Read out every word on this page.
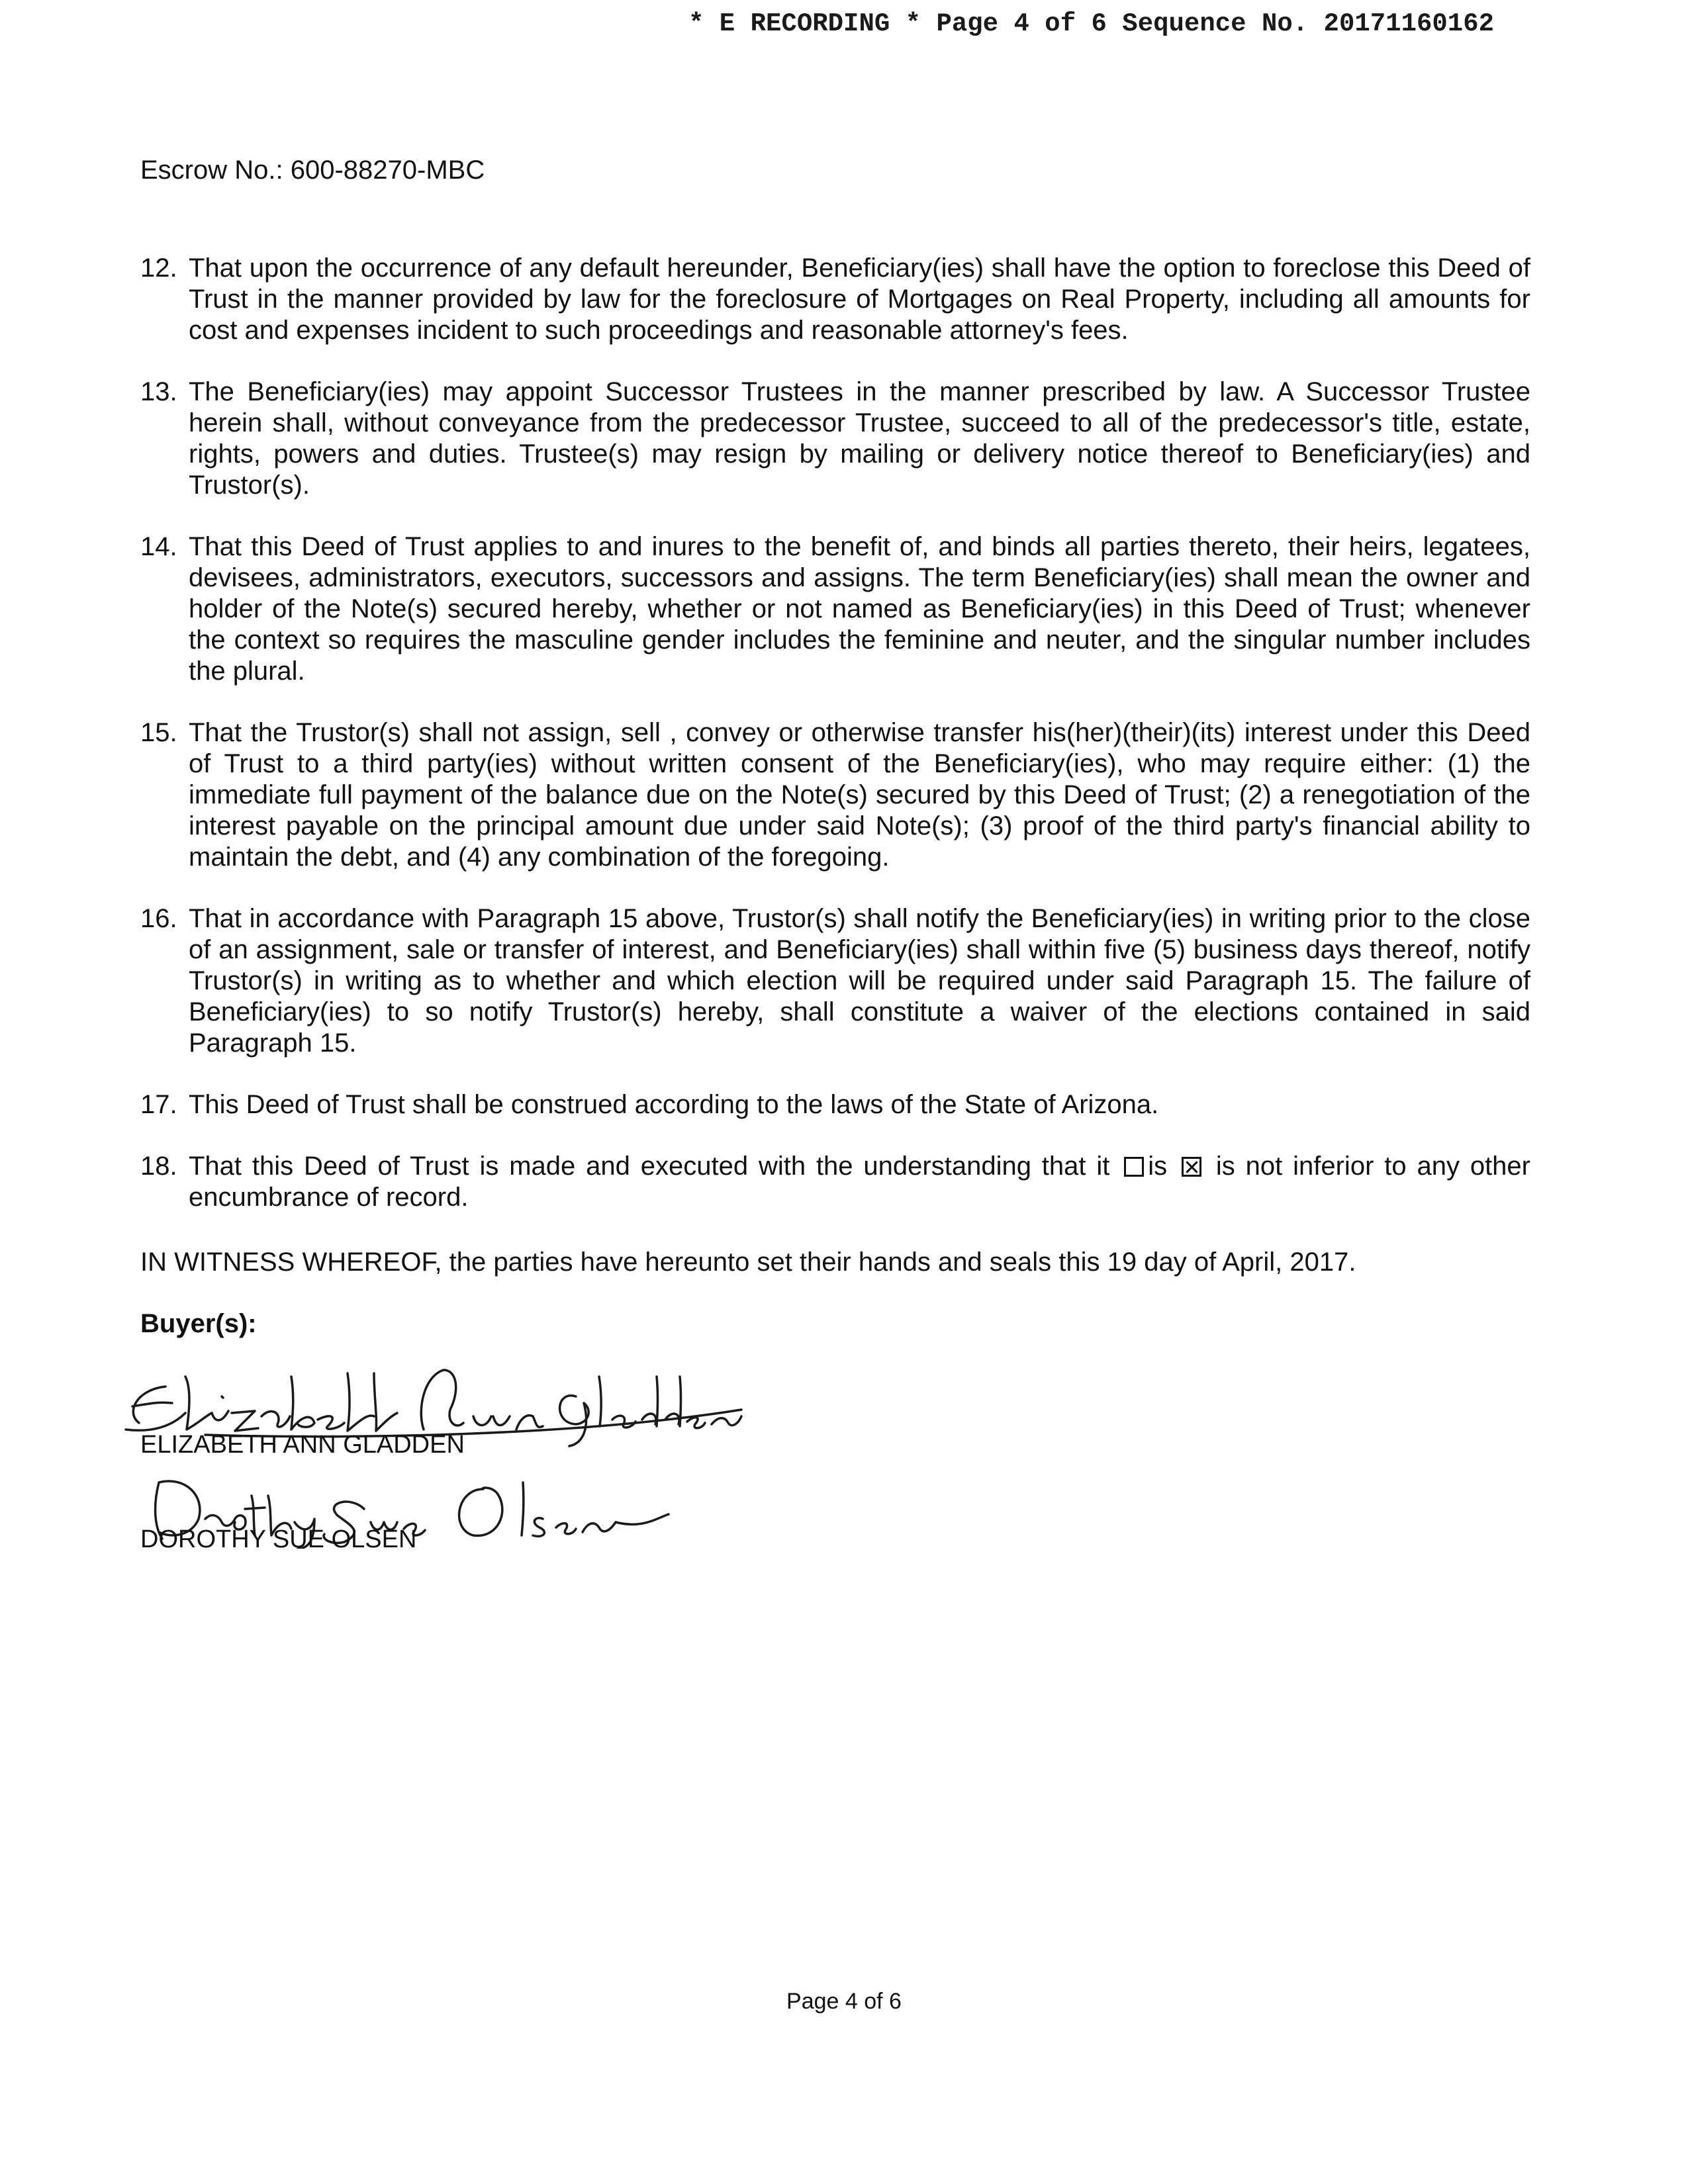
* E RECORDING * Page 4 of 6 Sequence No. 20171160162
Escrow No.: 600-88270-MBC
12. That upon the occurrence of any default hereunder, Beneficiary(ies) shall have the option to foreclose this Deed of Trust in the manner provided by law for the foreclosure of Mortgages on Real Property, including all amounts for cost and expenses incident to such proceedings and reasonable attorney's fees.
13. The Beneficiary(ies) may appoint Successor Trustees in the manner prescribed by law. A Successor Trustee herein shall, without conveyance from the predecessor Trustee, succeed to all of the predecessor's title, estate, rights, powers and duties. Trustee(s) may resign by mailing or delivery notice thereof to Beneficiary(ies) and Trustor(s).
14. That this Deed of Trust applies to and inures to the benefit of, and binds all parties thereto, their heirs, legatees, devisees, administrators, executors, successors and assigns. The term Beneficiary(ies) shall mean the owner and holder of the Note(s) secured hereby, whether or not named as Beneficiary(ies) in this Deed of Trust; whenever the context so requires the masculine gender includes the feminine and neuter, and the singular number includes the plural.
15. That the Trustor(s) shall not assign, sell , convey or otherwise transfer his(her)(their)(its) interest under this Deed of Trust to a third party(ies) without written consent of the Beneficiary(ies), who may require either: (1) the immediate full payment of the balance due on the Note(s) secured by this Deed of Trust; (2) a renegotiation of the interest payable on the principal amount due under said Note(s); (3) proof of the third party's financial ability to maintain the debt, and (4) any combination of the foregoing.
16. That in accordance with Paragraph 15 above, Trustor(s) shall notify the Beneficiary(ies) in writing prior to the close of an assignment, sale or transfer of interest, and Beneficiary(ies) shall within five (5) business days thereof, notify Trustor(s) in writing as to whether and which election will be required under said Paragraph 15. The failure of Beneficiary(ies) to so notify Trustor(s) hereby, shall constitute a waiver of the elections contained in said Paragraph 15.
17. This Deed of Trust shall be construed according to the laws of the State of Arizona.
18. That this Deed of Trust is made and executed with the understanding that it is is not inferior to any other encumbrance of record.
IN WITNESS WHEREOF, the parties have hereunto set their hands and seals this 19 day of April, 2017.
Buyer(s):
ELIZABETH ANN GLADDEN
DOROTHY SUE OLSEN
Page 4 of 6
